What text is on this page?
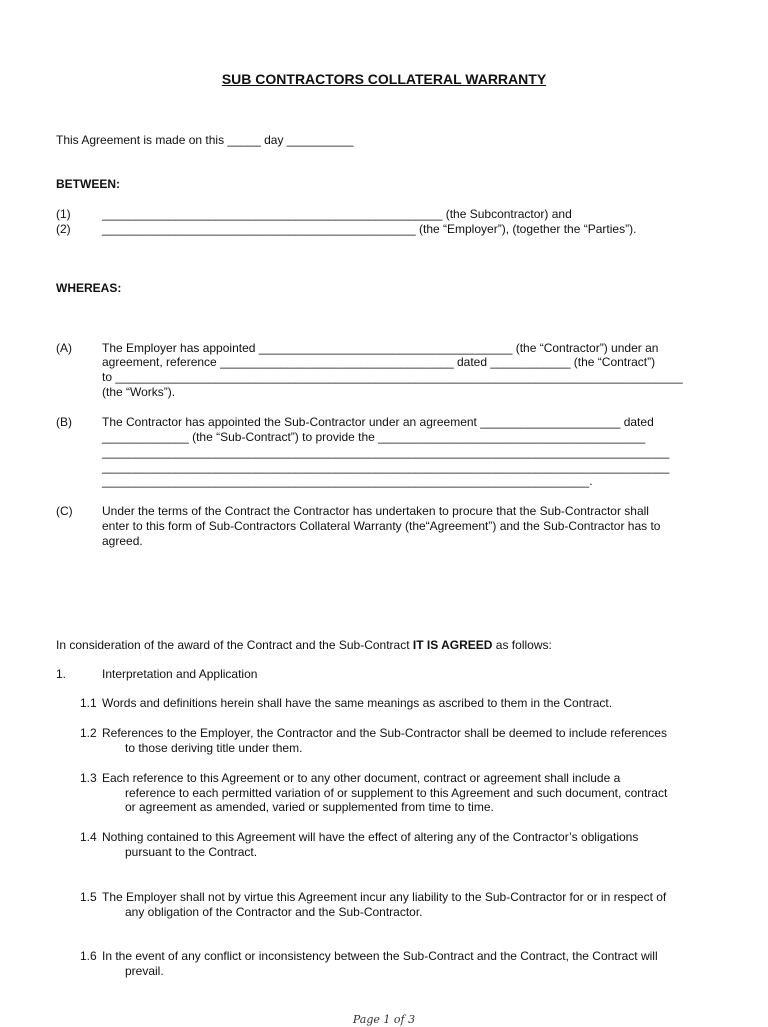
SUB CONTRACTORS COLLATERAL WARRANTY
This Agreement is made on this _____ day __________
BETWEEN:
(1)	___________________________________________________ (the Subcontractor) and
(2)	_______________________________________________ (the “Employer”), (together the “Parties”).
WHEREAS:
(A)	The Employer has appointed ______________________________________ (the “Contractor”) under an
agreement, reference ___________________________________ dated ____________ (the “Contract”)
to _____________________________________________________________________________________
(the “Works”).
(B)	The Contractor has appointed the Sub-Contractor under an agreement _____________________ dated
_____________ (the “Sub-Contract”) to provide the ________________________________________
_____________________________________________________________________________________
_____________________________________________________________________________________
_________________________________________________________________________.
(C) Under the terms of the Contract the Contractor has undertaken to procure that the Sub-Contractor shall
enter to this form of Sub-Contractors Collateral Warranty (the“Agreement”) and the Sub-Contractor has to
agreed.
In consideration of the award of the Contract and the Sub-Contract IT IS AGREED as follows:
1.	Interpretation and Application
1.1 Words and definitions herein shall have the same meanings as ascribed to them in the Contract.
1.2 References to the Employer, the Contractor and the Sub-Contractor shall be deemed to include references
to those deriving title under them.
1.3 Each reference to this Agreement or to any other document, contract or agreement shall include a
reference to each permitted variation of or supplement to this Agreement and such document, contract
or agreement as amended, varied or supplemented from time to time.
1.4 Nothing contained to this Agreement will have the effect of altering any of the Contractor’s obligations
pursuant to the Contract.
1.5 The Employer shall not by virtue this Agreement incur any liability to the Sub-Contractor for or in respect of
any obligation of the Contractor and the Sub-Contractor.
1.6 In the event of any conflict or inconsistency between the Sub-Contract and the Contract, the Contract will
prevail.
Page 1 of 3
